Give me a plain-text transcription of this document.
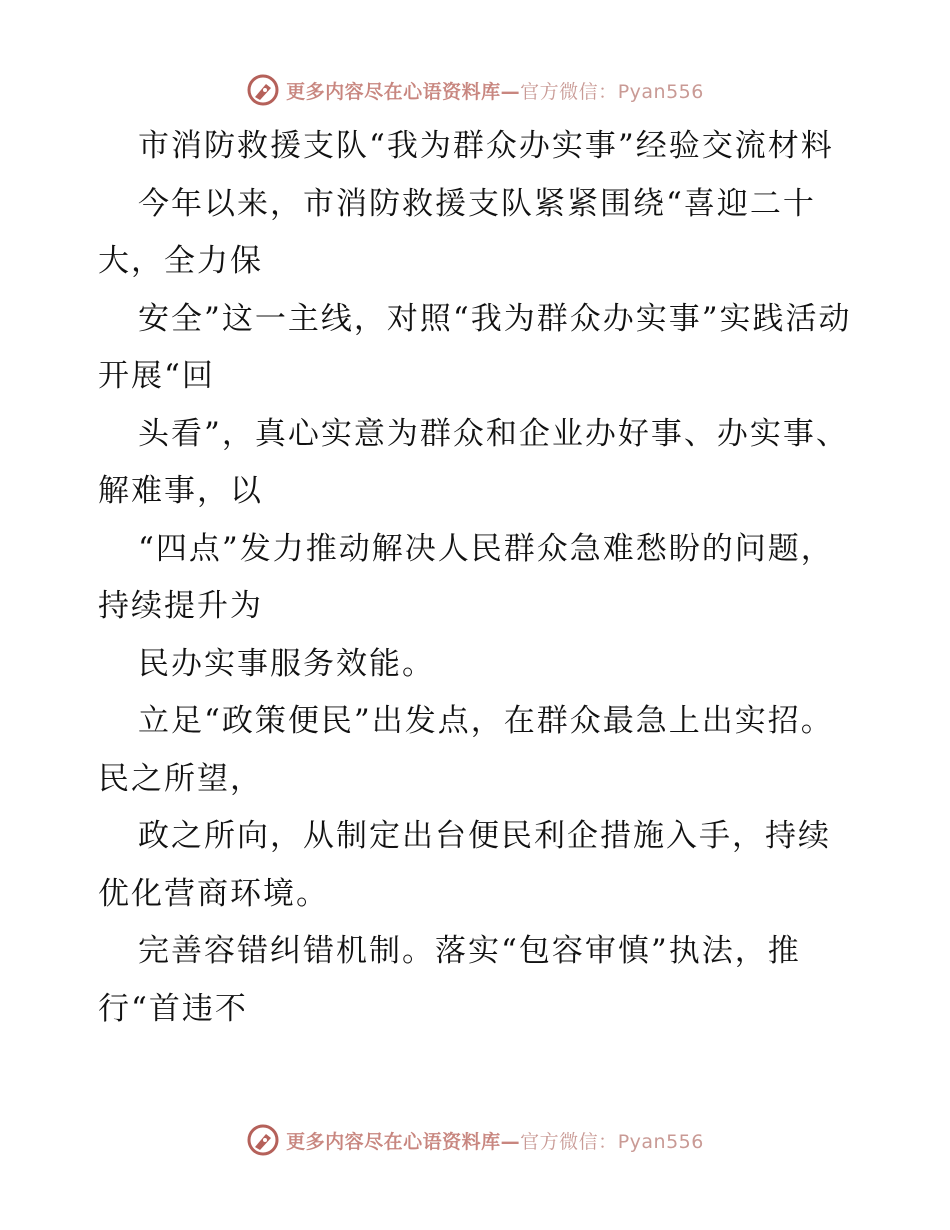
更多内容尽在心语资料库—官方微信：Pyan556

市消防救援支队“我为群众办实事”经验交流材料

今年以来，市消防救援支队紧紧围绕“喜迎二十大，全力保

安全”这一主线，对照“我为群众办实事”实践活动开展“回

头看”，真心实意为群众和企业办好事、办实事、解难事，以

“四点”发力推动解决人民群众急难愁盼的问题，持续提升为

民办实事服务效能。

立足“政策便民”出发点，在群众最急上出实招。民之所望，

政之所向，从制定出台便民利企措施入手，持续优化营商环境。

完善容错纠错机制。落实“包容审慎”执法，推行“首违不

更多内容尽在心语资料库—官方微信：Pyan556
